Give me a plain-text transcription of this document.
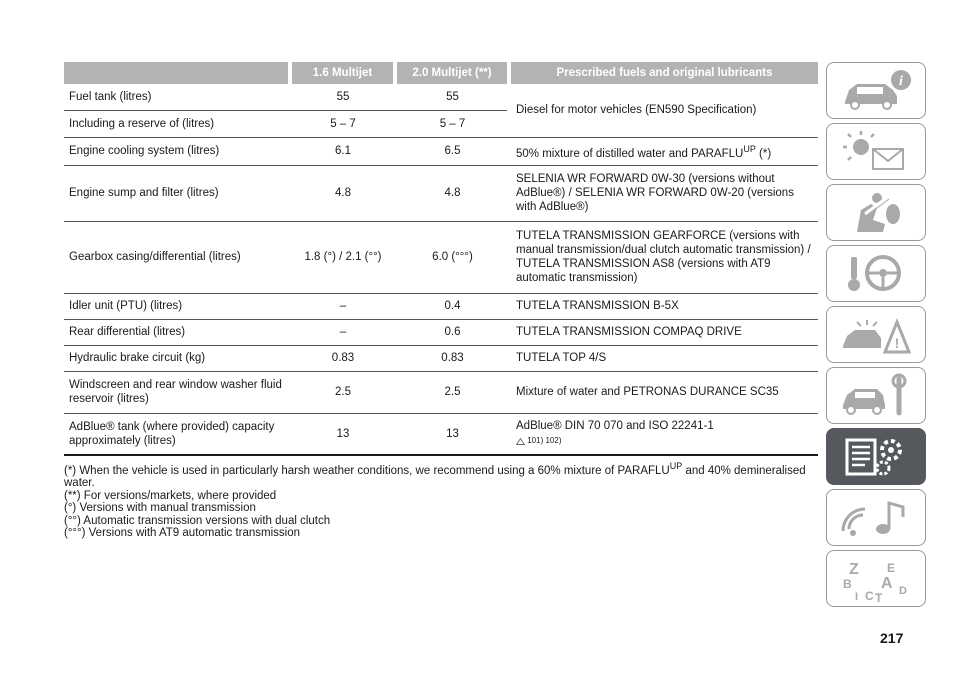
		1.6 Multijet		2.0 Multijet (**)		Prescribed fuels and original lubricants
Fuel tank (litres)		55		55		Diesel for motor vehicles (EN590 Specification)
Including a reserve of (litres)		5 – 7		5 – 7		
Engine cooling system (litres)		6.1		6.5		50% mixture of distilled water and $PARAFLU^{UP}$ (*)
Engine sump and filter (litres)		4.8		4.8		SELENIA WR FORWARD 0W-30 (versions without AdBlue®) / SELENIA WR FORWARD 0W-20 (versions with AdBlue®)
Gearbox casing/differential (litres)		1.8 (°) / 2.1 (°°)		6.0 (°°°)		TUTELA TRANSMISSION GEARFORCE (versions with manual transmission/dual clutch automatic transmission) / TUTELA TRANSMISSION AS8 (versions with AT9 automatic transmission)
Idler unit (PTU) (litres)		–		0.4		TUTELA TRANSMISSION B-5X
Rear differential (litres)		–		0.6		TUTELA TRANSMISSION COMPAQ DRIVE
Hydraulic brake circuit (kg)		0.83		0.83		TUTELA TOP 4/S
Windscreen and rear window washer fluid reservoir (litres)		2.5		2.5		Mixture of water and PETRONAS DURANCE SC35
AdBlue® tank (where provided) capacity approximately (litres)		13		13		AdBlue® DIN 70 070 and ISO 22241-1
101) 102)
(*) When the vehicle is used in particularly harsh weather conditions, we recommend using a 60% mixture of $PARAFLU^{UP}$ and 40% demineralised water.
(**) For versions/markets, where provided
(°) Versions with manual transmission
(°°) Automatic transmission versions with dual clutch
(°°°) Versions with AT9 automatic transmission
i
!
Z E
B A D
I C T
217
